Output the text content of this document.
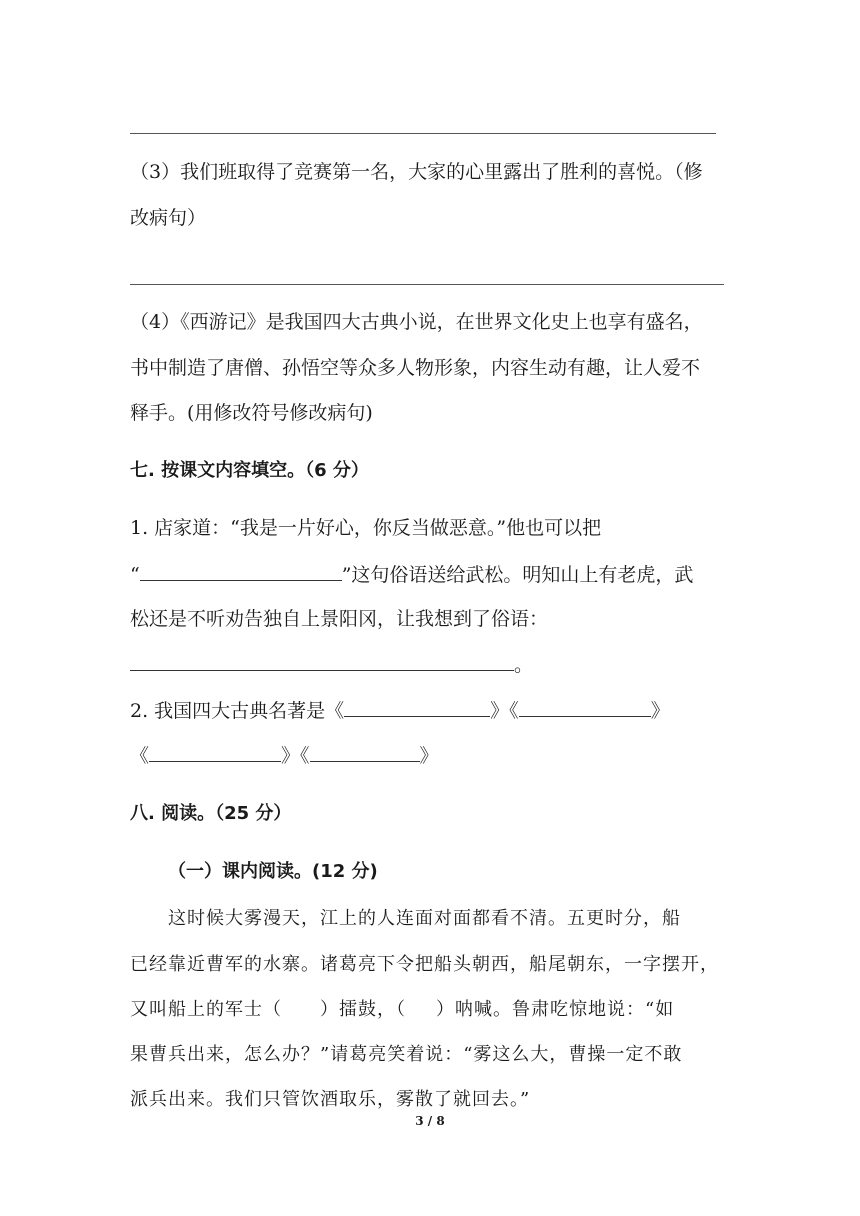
（3）我们班取得了竞赛第一名，大家的心里露出了胜利的喜悦。（修
改病句）
（4）《西游记》是我国四大古典小说，在世界文化史上也享有盛名，
书中制造了唐僧、孙悟空等众多人物形象，内容生动有趣，让人爱不
释手。(用修改符号修改病句)
七. 按课文内容填空。（6 分）
1. 店家道：“我是一片好心，你反当做恶意。”他也可以把
“	”这句俗语送给武松。明知山上有老虎，武
松还是不听劝告独自上景阳冈，让我想到了俗语：
。
2. 我国四大古典名著是《	》《	》
《	》《	》
八. 阅读。（25 分）
（一）课内阅读。(12 分)
这时候大雾漫天，江上的人连面对面都看不清。五更时分，船
已经靠近曹军的水寨。诸葛亮下令把船头朝西，船尾朝东，一字摆开，
又叫船上的军士（ ）擂鼓，（ ）呐喊。鲁肃吃惊地说：“如
果曹兵出来，怎么办？”请葛亮笑着说：“雾这么大，曹操一定不敢
派兵出来。我们只管饮酒取乐，雾散了就回去。”
3 / 8
